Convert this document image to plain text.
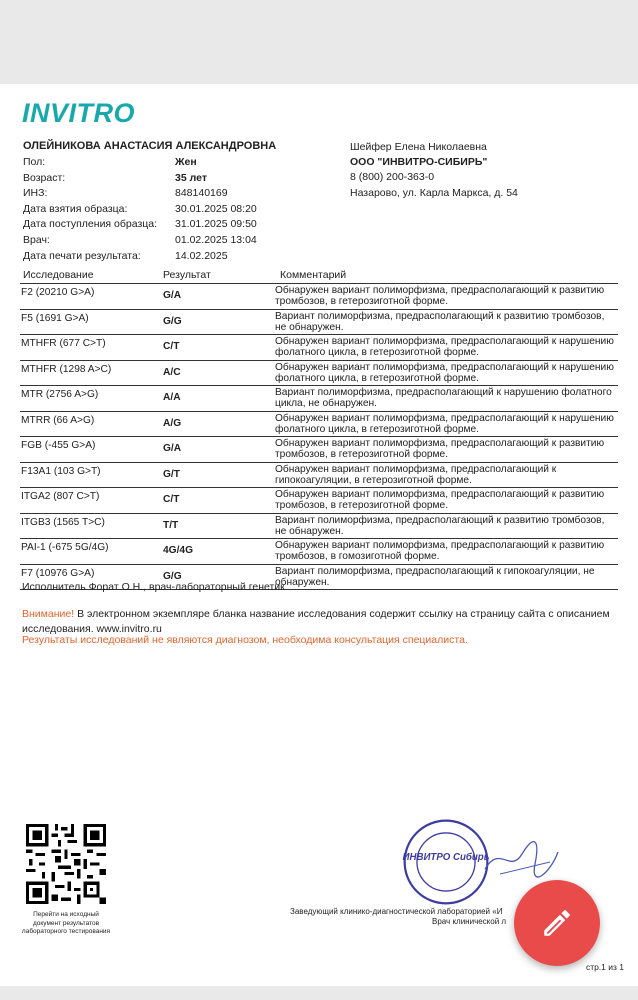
INVITRO
ОЛЕЙНИКОВА АНАСТАСИЯ АЛЕКСАНДРОВНА
Пол:	Жен
Возраст:	35 лет
ИНЗ:	848140169
Дата взятия образца:	30.01.2025 08:20
Дата поступления образца:	31.01.2025 09:50
Врач:	01.02.2025 13:04
Дата печати результата:	14.02.2025
Шейфер Елена Николаевна
ООО "ИНВИТРО-СИБИРЬ"
8 (800) 200-363-0
Назарово, ул. Карла Маркса, д. 54
Исследование	Результат	Комментарий
F2 (20210 G>A)	G/A	Обнаружен вариант полиморфизма, предрасполагающий к развитию тромбозов, в гетерозиготной форме.
F5 (1691 G>A)	G/G	Вариант полиморфизма, предрасполагающий к развитию тромбозов, не обнаружен.
MTHFR (677 C>T)	C/T	Обнаружен вариант полиморфизма, предрасполагающий к нарушению фолатного цикла, в гетерозиготной форме.
MTHFR (1298 A>C)	A/C	Обнаружен вариант полиморфизма, предрасполагающий к нарушению фолатного цикла, в гетерозиготной форме.
MTR (2756 A>G)	A/A	Вариант полиморфизма, предрасполагающий к нарушению фолатного цикла, не обнаружен.
MTRR (66 A>G)	A/G	Обнаружен вариант полиморфизма, предрасполагающий к нарушению фолатного цикла, в гетерозиготной форме.
FGB (-455 G>A)	G/A	Обнаружен вариант полиморфизма, предрасполагающий к развитию тромбозов, в гетерозиготной форме.
F13A1 (103 G>T)	G/T	Обнаружен вариант полиморфизма, предрасполагающий к гипокоагуляции, в гетерозиготной форме.
ITGA2 (807 C>T)	C/T	Обнаружен вариант полиморфизма, предрасполагающий к развитию тромбозов, в гетерозиготной форме.
ITGB3 (1565 T>C)	T/T	Вариант полиморфизма, предрасполагающий к развитию тромбозов, не обнаружен.
PAI-1 (-675 5G/4G)	4G/4G	Обнаружен вариант полиморфизма, предрасполагающий к развитию тромбозов, в гомозиготной форме.
F7 (10976 G>A)	G/G	Вариант полиморфизма, предрасполагающий к гипокоагуляции, не обнаружен.
Исполнитель Форат О.Н., врач-лабораторный генетик
Внимание! В электронном экземпляре бланка название исследования содержит ссылку на страницу сайта с описанием исследования. www.invitro.ru
Результаты исследований не являются диагнозом, необходима консультация специалиста.
Перейти на исходный документ результатов лабораторного тестирования
ИНВИТРО Сибирь
Заведующий клинико-диагностической лабораторией «И
Врач клинической л
стр.1 из 1
